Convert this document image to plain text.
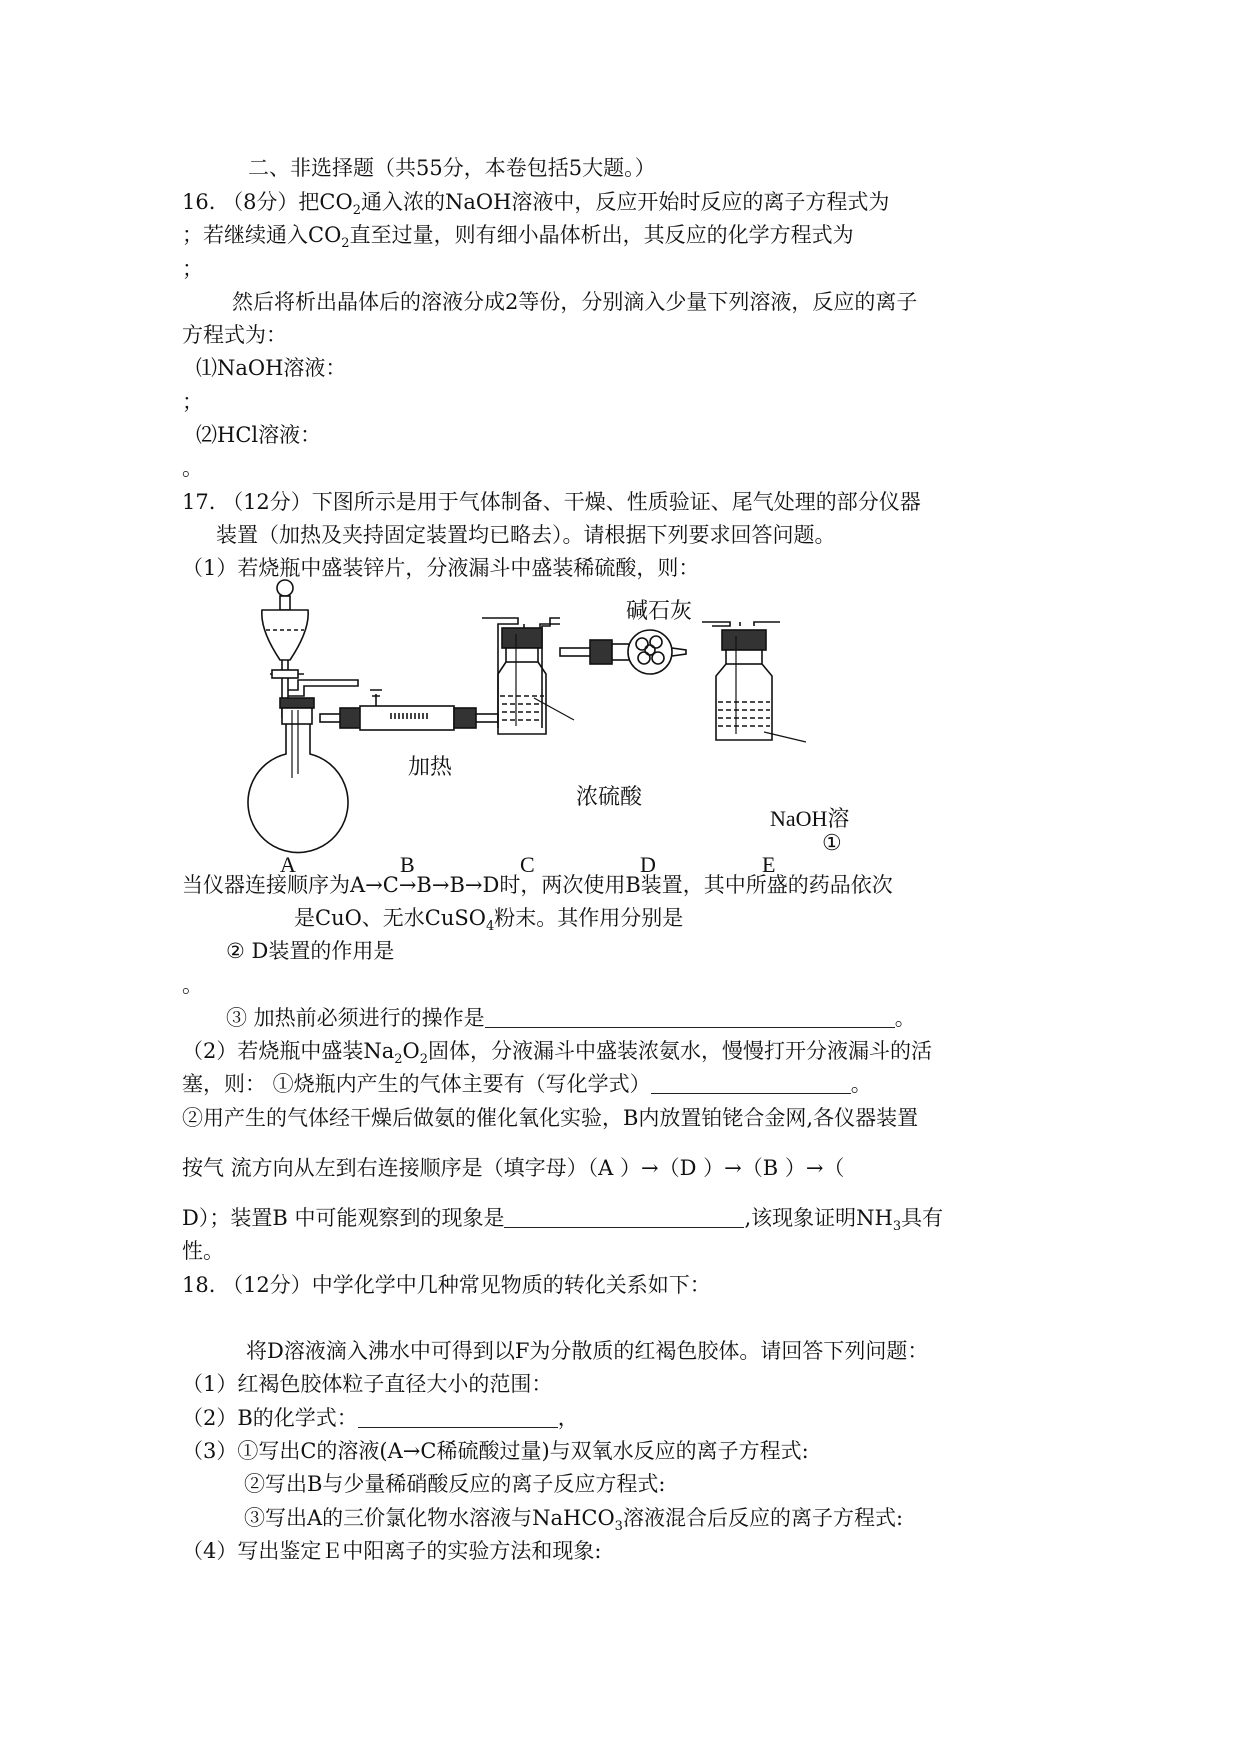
二、非选择题（共55分，本卷包括5大题。）
16. （8分）把$CO_2$通入浓的NaOH溶液中，反应开始时反应的离子方程式为
；若继续通入$CO_2$直至过量，则有细小晶体析出，其反应的化学方程式为
；
然后将析出晶体后的溶液分成2等份，分别滴入少量下列溶液，反应的离子
方程式为：
⑴NaOH溶液：
；
⑵HCl溶液：
。
17. （12分）下图所示是用于气体制备、干燥、性质验证、尾气处理的部分仪器
装置（加热及夹持固定装置均已略去）。请根据下列要求回答问题。
（1）若烧瓶中盛装锌片，分液漏斗中盛装稀硫酸，则：
加热
浓硫酸
碱石灰
NaOH溶
①
A	B	C	D	E
当仪器连接顺序为A→C→B→B→D时，两次使用B装置，其中所盛的药品依次
是CuO、无水CuSO$_4$粉末。其作用分别是
② D装置的作用是
。
③ 加热前必须进行的操作是	。
（2）若烧瓶中盛装$Na_2O_2$固体，分液漏斗中盛装浓氨水，慢慢打开分液漏斗的活
塞，则： ①烧瓶内产生的气体主要有（写化学式）	。
②用产生的气体经干燥后做氨的催化氧化实验，B内放置铂铑合金网,各仪器装置
按气 流方向从左到右连接顺序是（填字母）（A ）→（D ）→（B ）→（
D）；装置B 中可能观察到的现象是	,该现象证明$NH_3$具有
性。
18. （12分）中学化学中几种常见物质的转化关系如下：
将D溶液滴入沸水中可得到以F为分散质的红褐色胶体。请回答下列问题：
（1）红褐色胶体粒子直径大小的范围：
（2）B的化学式：	，
（3）①写出C的溶液(A→C稀硫酸过量)与双氧水反应的离子方程式:
②写出B与少量稀硝酸反应的离子反应方程式:
③写出A的三价氯化物水溶液与NaHCO$_3$溶液混合后反应的离子方程式:
（4）写出鉴定Ｅ中阳离子的实验方法和现象:
